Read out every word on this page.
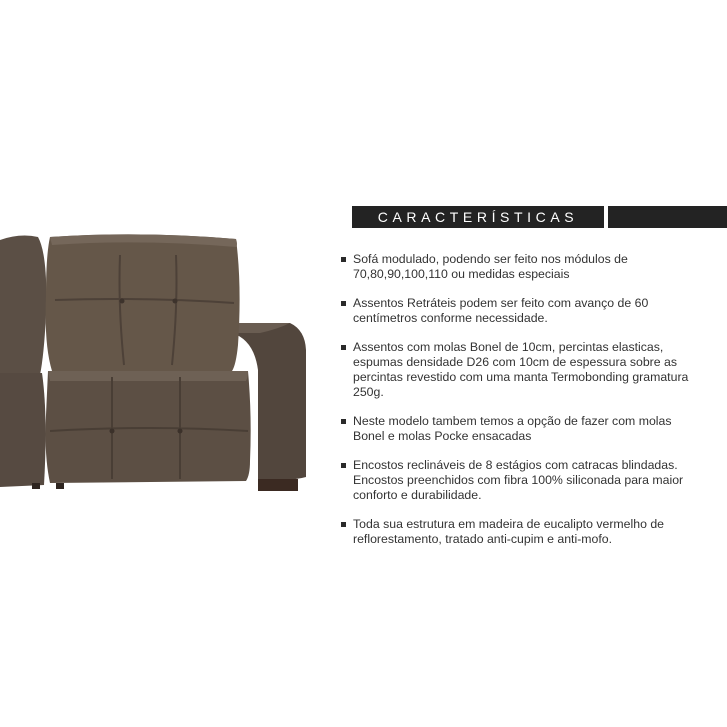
CARACTERÍSTICAS
Sofá modulado, podendo ser feito nos módulos de 70,80,90,100,110 ou medidas especiais
Assentos Retráteis podem ser feito com avanço de 60 centímetros conforme necessidade.
Assentos com molas Bonel de 10cm, percintas elasticas, espumas densidade D26 com 10cm de espessura sobre as percintas revestido com uma manta Termobonding gramatura 250g.
Neste modelo tambem temos a opção de fazer com molas Bonel e molas Pocke ensacadas
Encostos reclináveis de 8 estágios com catracas blindadas. Encostos preenchidos com fibra 100% siliconada para maior conforto e durabilidade.
Toda sua estrutura em madeira de eucalipto vermelho de reflorestamento, tratado anti-cupim e anti-mofo.
